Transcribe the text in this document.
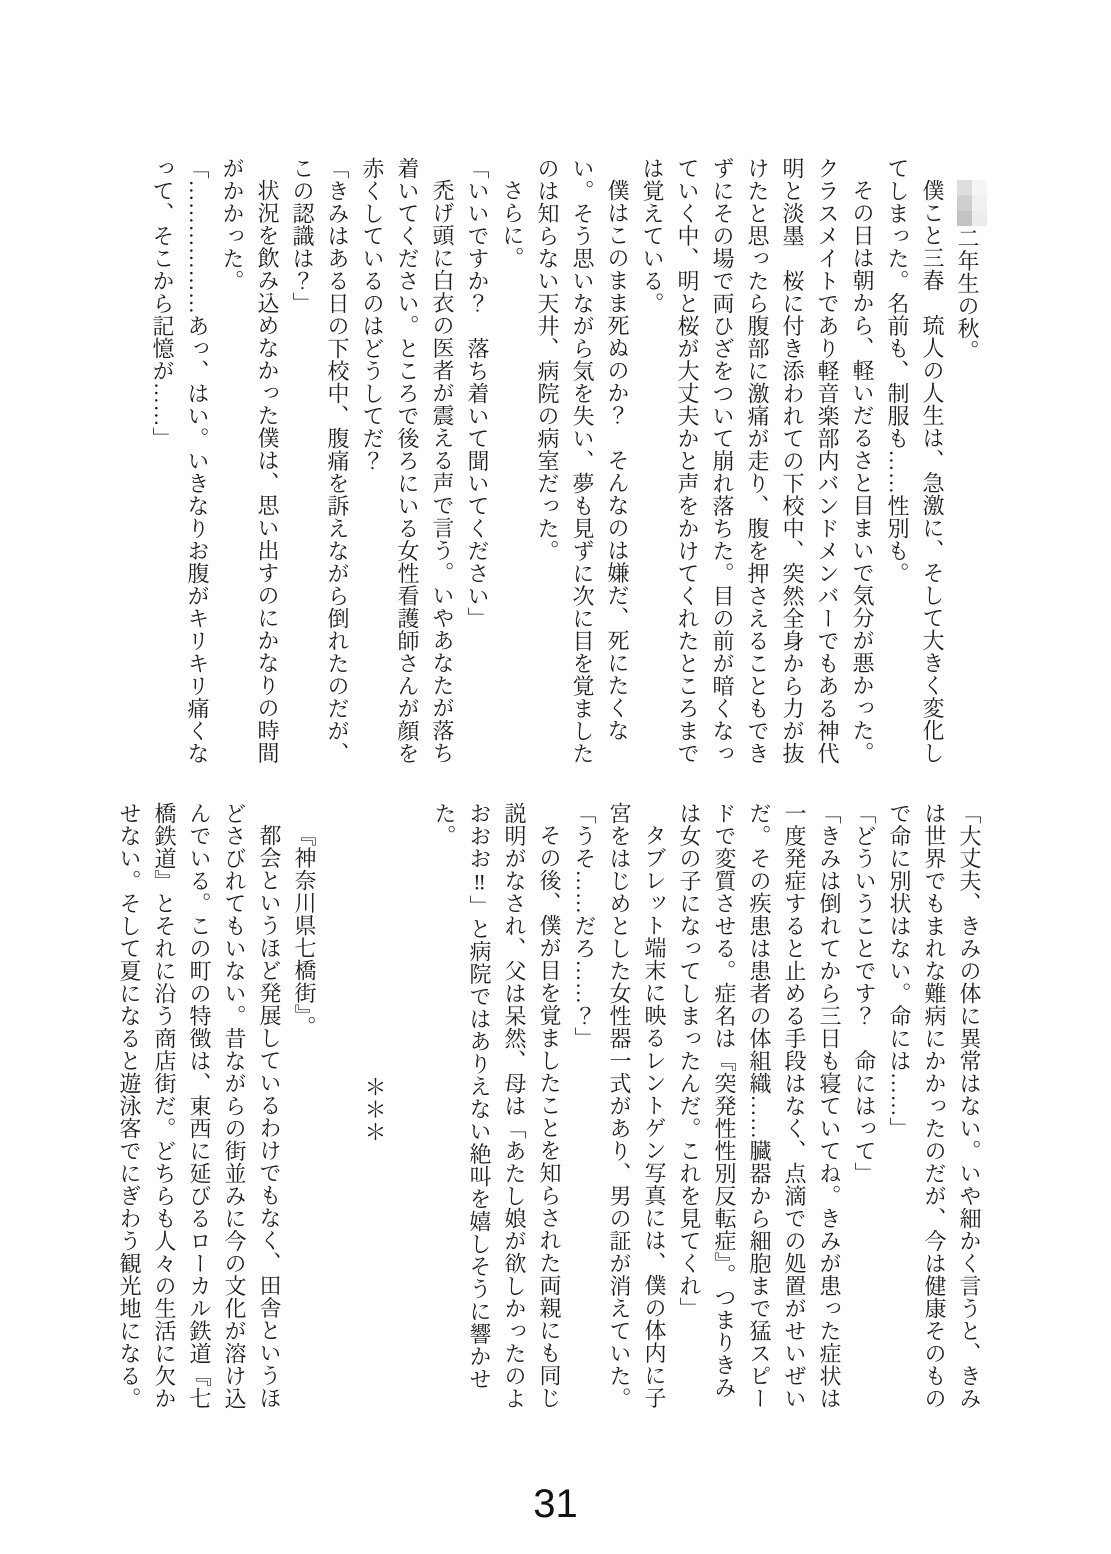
二年生の秋。

僕こと三春　琉人の人生は、急激に、そして大きく変化してしまった。名前も、制服も……性別も。

その日は朝から、軽いだるさと目まいで気分が悪かった。クラスメイトであり軽音楽部内バンドメンバーでもある神代　明と淡墨　桜に付き添われての下校中、突然全身から力が抜けたと思ったら腹部に激痛が走り、腹を押さえることもできずにその場で両ひざをついて崩れ落ちた。目の前が暗くなっていく中、明と桜が大丈夫かと声をかけてくれたところまでは覚えている。

僕はこのまま死ぬのか？　そんなのは嫌だ、死にたくない。そう思いながら気を失い、夢も見ずに次に目を覚ましたのは知らない天井、病院の病室だった。

さらに。

「いいですか？　落ち着いて聞いてください」

禿げ頭に白衣の医者が震える声で言う。いやあなたが落ち着いてください。ところで後ろにいる女性看護師さんが顔を赤くしているのはどうしてだ？

「きみはある日の下校中、腹痛を訴えながら倒れたのだが、この認識は？」

状況を飲み込めなかった僕は、思い出すのにかなりの時間がかかった。

「………………あっ、はい。いきなりお腹がキリキリ痛くなって、そこから記憶が……」

「大丈夫、きみの体に異常はない。いや細かく言うと、きみは世界でもまれな難病にかかったのだが、今は健康そのもので命に別状はない。命には……」

「どういうことです？　命にはって」

「きみは倒れてから三日も寝ていてね。きみが患った症状は一度発症すると止める手段はなく、点滴での処置がせいぜいだ。その疾患は患者の体組織……臓器から細胞まで猛スピードで変質させる。症名は『突発性性別反転症』。つまりきみは女の子になってしまったんだ。これを見てくれ」

タブレット端末に映るレントゲン写真には、僕の体内に子宮をはじめとした女性器一式があり、男の証が消えていた。

「うそ……だろ……？」

その後、僕が目を覚ましたことを知らされた両親にも同じ説明がなされ、父は呆然、母は「あたし娘が欲しかったのよおおお‼」と病院ではありえない絶叫を嬉しそうに響かせた。

＊＊＊

『神奈川県七橋街』。

都会というほど発展しているわけでもなく、田舎というほどさびれてもいない。昔ながらの街並みに今の文化が溶け込んでいる。この町の特徴は、東西に延びるローカル鉄道『七橋鉄道』とそれに沿う商店街だ。どちらも人々の生活に欠かせない。そして夏になると遊泳客でにぎわう観光地になる。

31
